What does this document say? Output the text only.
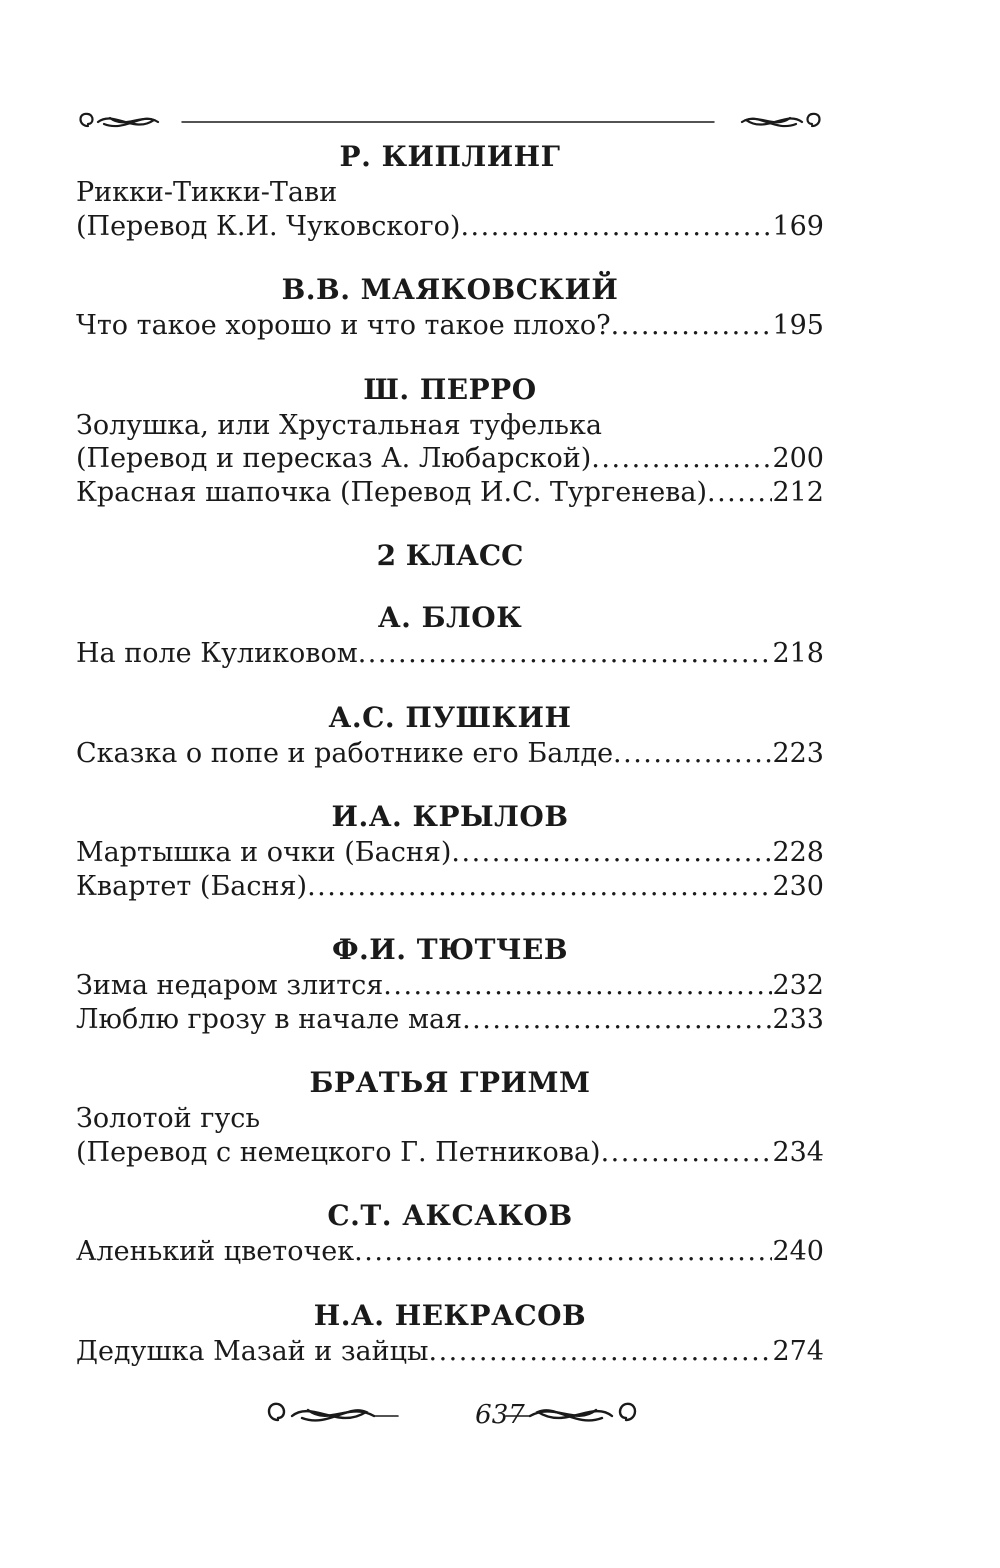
Р. КИПЛИНГ
Рикки-Тикки-Тави
(Перевод К.И. Чуковского) .....	169
В.В. МАЯКОВСКИЙ
Что такое хорошо и что такое плохо? .....	195
Ш. ПЕРРО
Золушка, или Хрустальная туфелька
(Перевод и пересказ А. Любарской) .....	200
Красная шапочка (Перевод И.С. Тургенева) ..... 212
2 КЛАСС
А. БЛОК
На поле Куликовом .....	218
А.С. ПУШКИН
Сказка о попе и работнике его Балде .....	223
И.А. КРЫЛОВ
Мартышка и очки (Басня) .....	228
Квартет (Басня) .....	230
Ф.И. ТЮТЧЕВ
Зима недаром злится .....	232
Люблю грозу в начале мая .....	233
БРАТЬЯ ГРИММ
Золотой гусь
(Перевод с немецкого Г. Петникова) .....	234
С.Т. АКСАКОВ
Аленький цветочек .....	240
Н.А. НЕКРАСОВ
Дедушка Мазай и зайцы .....	274
637
